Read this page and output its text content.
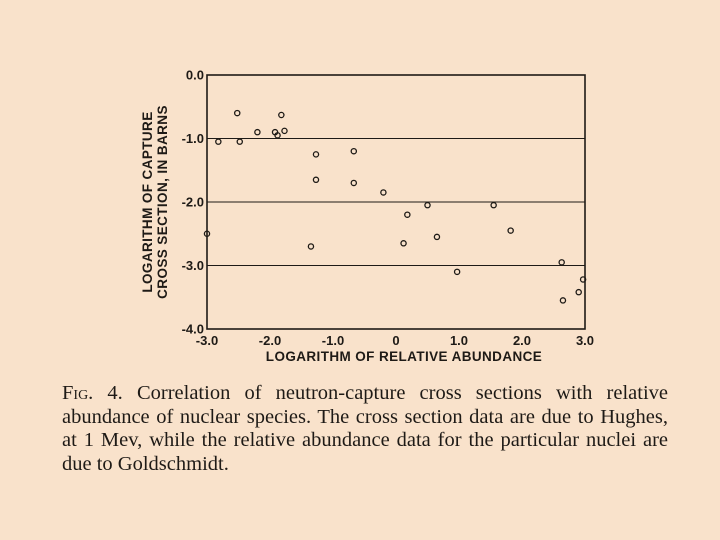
-3.0	-2.0	-1.0	0	1.0	2.0	3.0
0.0
-1.0
-2.0
-3.0
-4.0
LOGARITHM OF RELATIVE ABUNDANCE
LOGARITHM OF CAPTURE CROSS SECTION, IN BARNS

Fig. 4. Correlation of neutron-capture cross sections with relative abundance of nuclear species. The cross section data are due to Hughes, at 1 Mev, while the relative abundance data for the particular nuclei are due to Goldschmidt.
